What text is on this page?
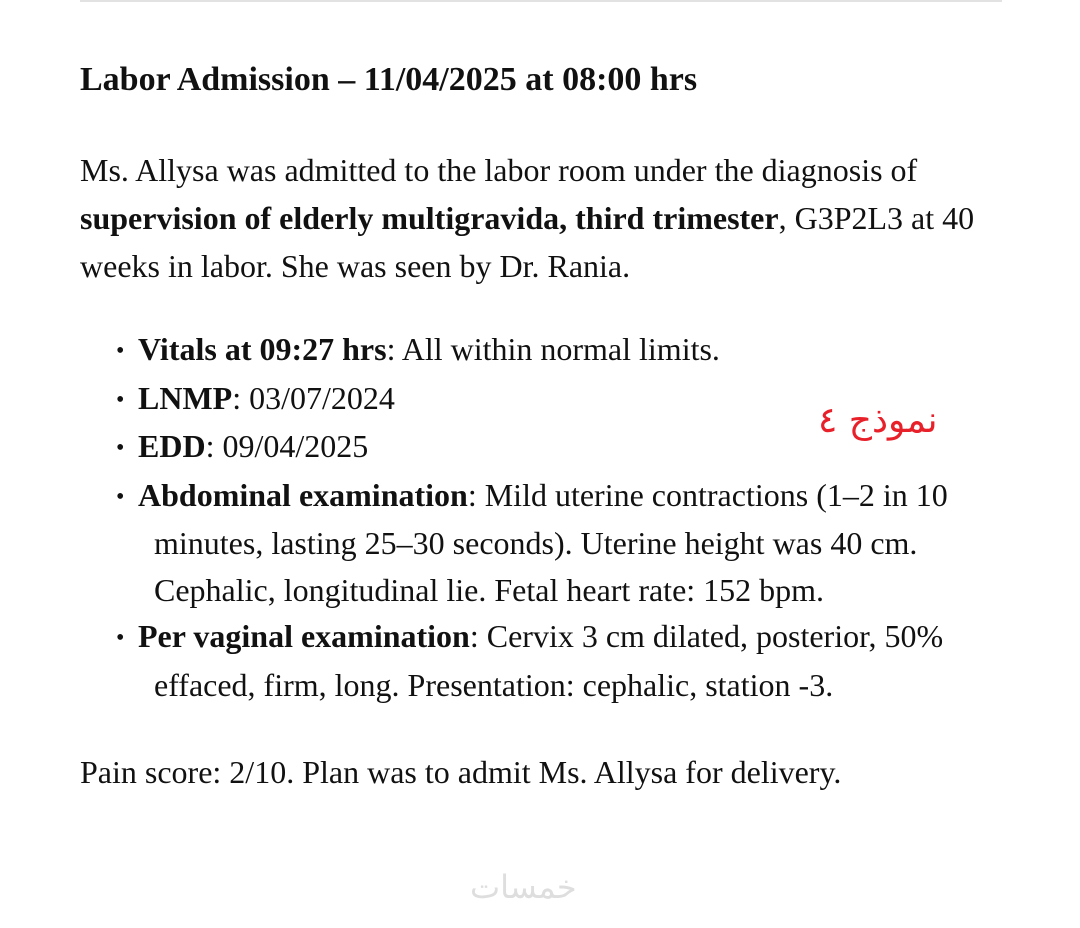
Labor Admission – 11/04/2025 at 08:00 hrs

Ms. Allysa was admitted to the labor room under the diagnosis of supervision of elderly multigravida, third trimester, G3P2L3 at 40 weeks in labor. She was seen by Dr. Rania.

• Vitals at 09:27 hrs: All within normal limits.
• LNMP: 03/07/2024
• EDD: 09/04/2025
• Abdominal examination: Mild uterine contractions (1–2 in 10 minutes, lasting 25–30 seconds). Uterine height was 40 cm. Cephalic, longitudinal lie. Fetal heart rate: 152 bpm.
• Per vaginal examination: Cervix 3 cm dilated, posterior, 50% effaced, firm, long. Presentation: cephalic, station -3.

Pain score: 2/10. Plan was to admit Ms. Allysa for delivery.

نموذج ٤
خمسات
